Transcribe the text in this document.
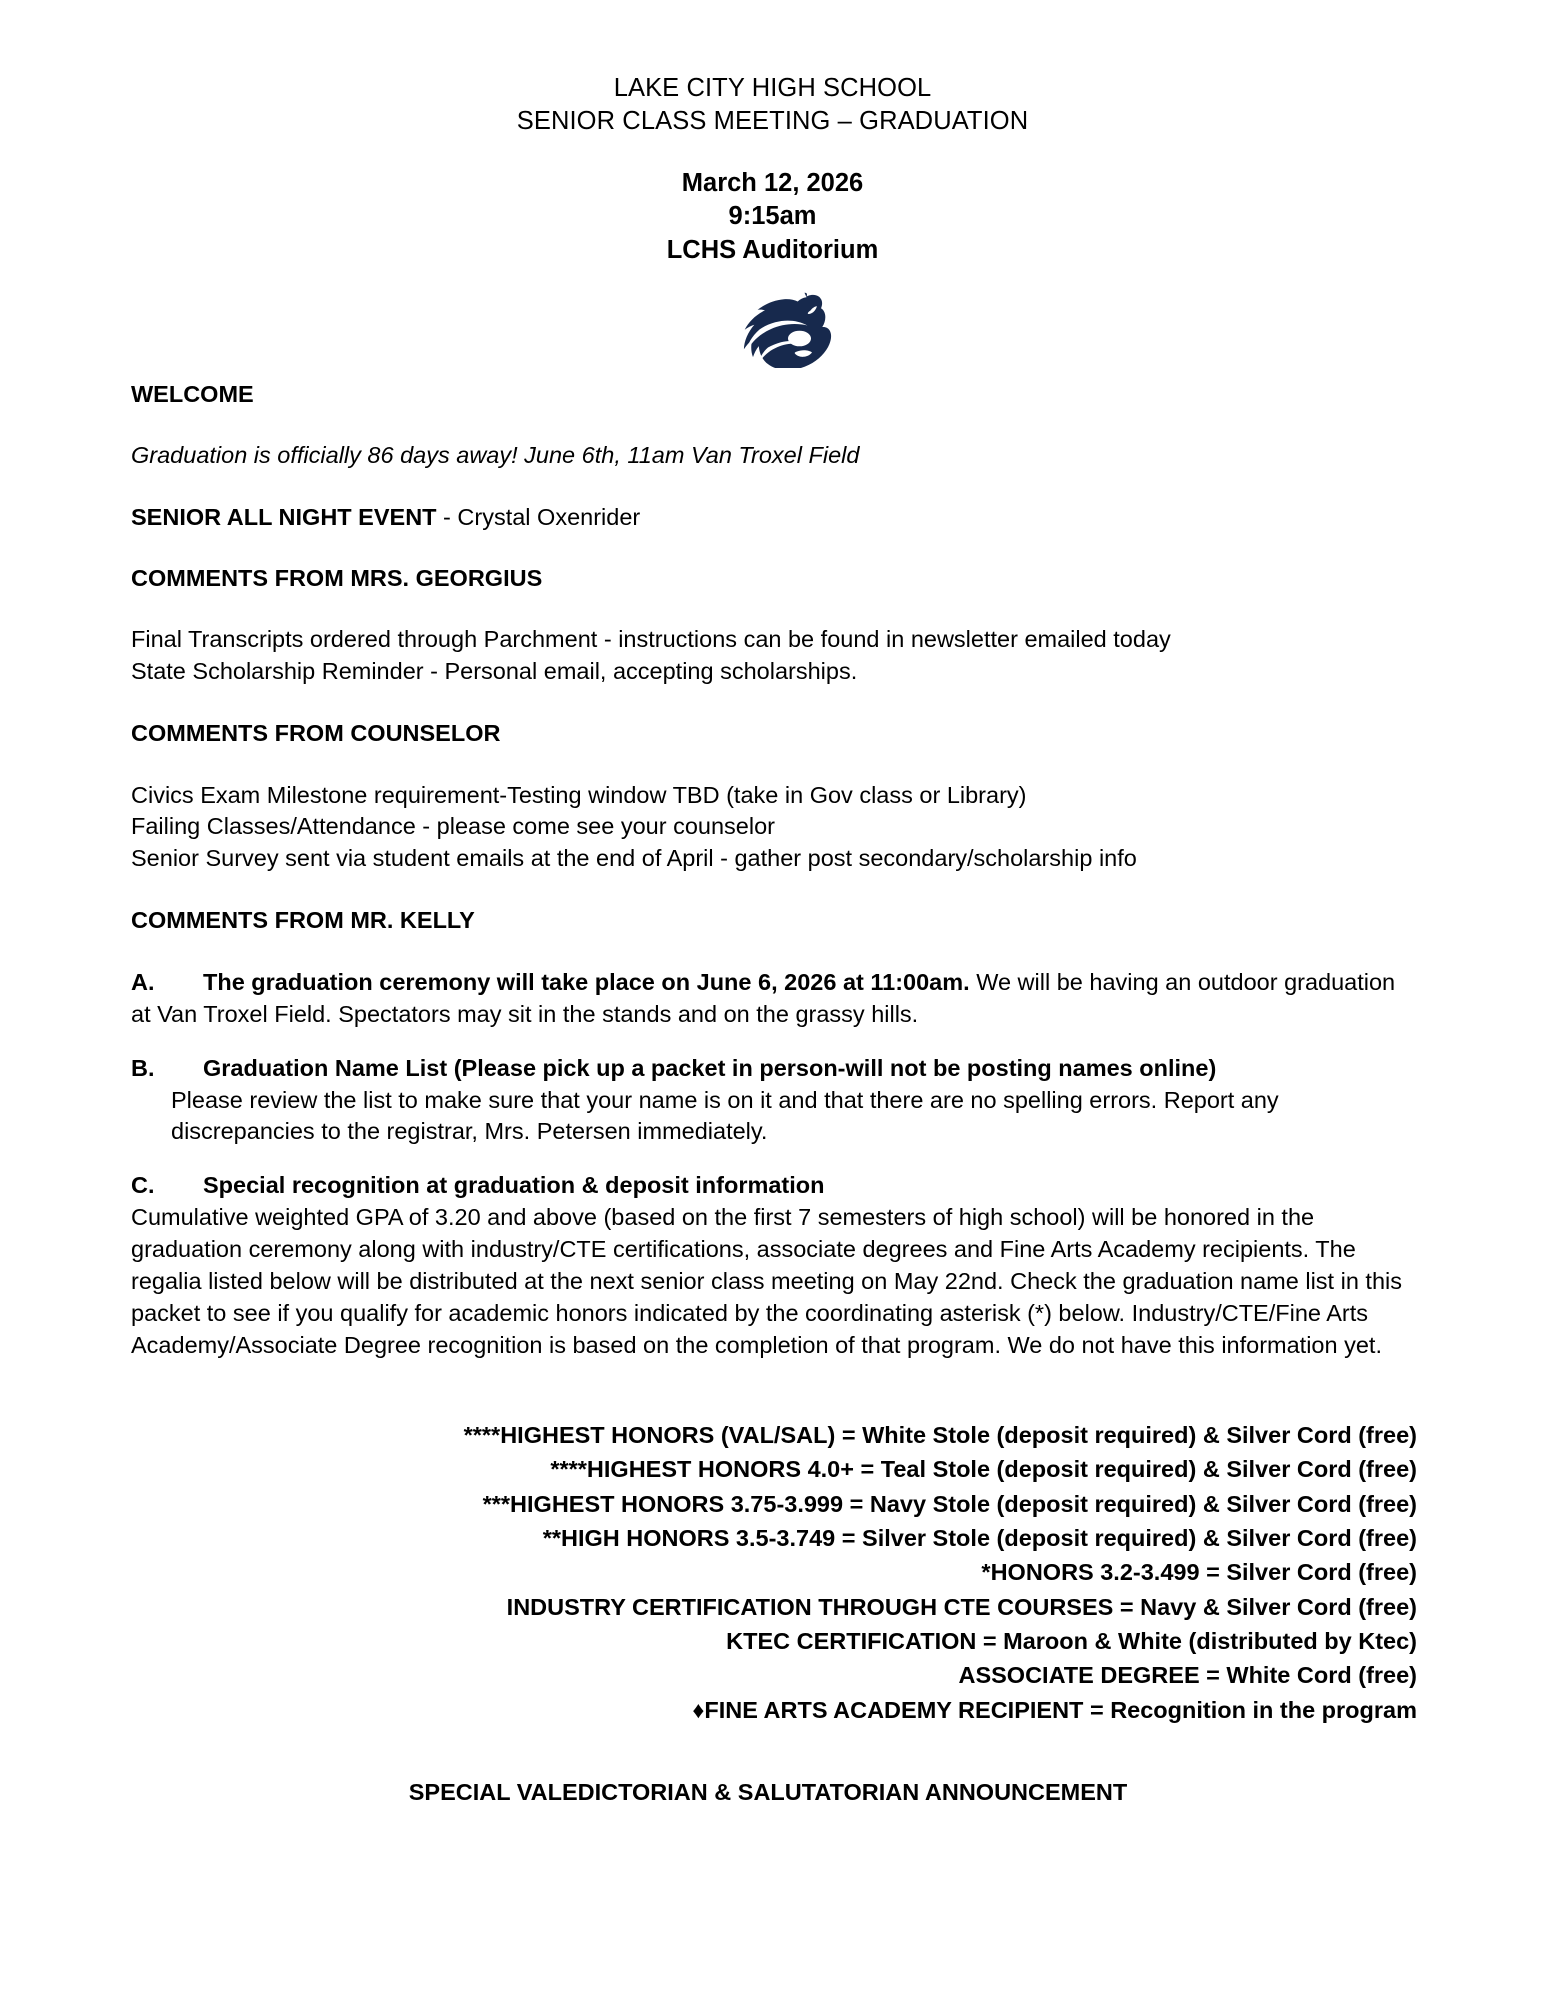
LAKE CITY HIGH SCHOOL
SENIOR CLASS MEETING – GRADUATION
March 12, 2026
9:15am
LCHS Auditorium

WELCOME

Graduation is officially 86 days away! June 6th, 11am Van Troxel Field

SENIOR ALL NIGHT EVENT - Crystal Oxenrider

COMMENTS FROM MRS. GEORGIUS

Final Transcripts ordered through Parchment - instructions can be found in newsletter emailed today

State Scholarship Reminder - Personal email, accepting scholarships.

COMMENTS FROM COUNSELOR

Civics Exam Milestone requirement-Testing window TBD (take in Gov class or Library)

Failing Classes/Attendance - please come see your counselor

Senior Survey sent via student emails at the end of April - gather post secondary/scholarship info

COMMENTS FROM MR. KELLY

A. The graduation ceremony will take place on June 6, 2026 at 11:00am. We will be having an outdoor graduation at Van Troxel Field. Spectators may sit in the stands and on the grassy hills.

B. Graduation Name List (Please pick up a packet in person-will not be posting names online)

Please review the list to make sure that your name is on it and that there are no spelling errors. Report any discrepancies to the registrar, Mrs. Petersen immediately.

C. Special recognition at graduation & deposit information

Cumulative weighted GPA of 3.20 and above (based on the first 7 semesters of high school) will be honored in the graduation ceremony along with industry/CTE certifications, associate degrees and Fine Arts Academy recipients. The regalia listed below will be distributed at the next senior class meeting on May 22nd. Check the graduation name list in this packet to see if you qualify for academic honors indicated by the coordinating asterisk (*) below. Industry/CTE/Fine Arts Academy/Associate Degree recognition is based on the completion of that program. We do not have this information yet.

****HIGHEST HONORS (VAL/SAL) = White Stole (deposit required) & Silver Cord (free)
****HIGHEST HONORS 4.0+ = Teal Stole (deposit required) & Silver Cord (free)
***HIGHEST HONORS 3.75-3.999 = Navy Stole (deposit required) & Silver Cord (free)
**HIGH HONORS 3.5-3.749 = Silver Stole (deposit required) & Silver Cord (free)
*HONORS 3.2-3.499 = Silver Cord (free)
INDUSTRY CERTIFICATION THROUGH CTE COURSES = Navy & Silver Cord (free)
KTEC CERTIFICATION = Maroon & White (distributed by Ktec)
ASSOCIATE DEGREE = White Cord (free)
♦FINE ARTS ACADEMY RECIPIENT = Recognition in the program

SPECIAL VALEDICTORIAN & SALUTATORIAN ANNOUNCEMENT
